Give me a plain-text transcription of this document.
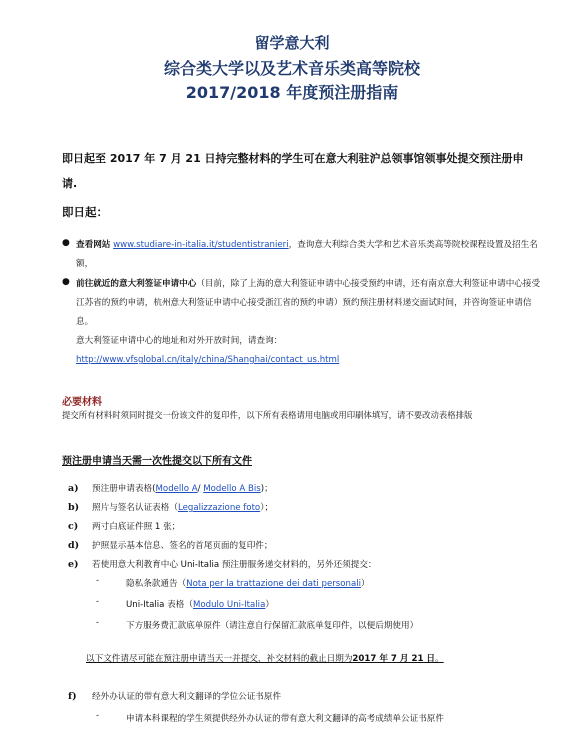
留学意大利
综合类大学以及艺术音乐类高等院校
2017/2018 年度预注册指南
即日起至 2017 年 7 月 21 日持完整材料的学生可在意大利驻沪总领事馆领事处提交预注册申请.
即日起：
● 查看网站 www.studiare-in-italia.it/studentistranieri，查询意大利综合类大学和艺术音乐类高等院校课程设置及招生名额，
● 前往就近的意大利签证申请中心（目前，除了上海的意大利签证申请中心接受预约申请，还有南京意大利签证申请中心接受江苏省的预约申请，杭州意大利签证申请中心接受浙江省的预约申请）预约预注册材料递交面试时间，并咨询签证申请信息。
意大利签证申请中心的地址和对外开放时间，请查询：
http://www.vfsglobal.cn/italy/china/Shanghai/contact_us.html
必要材料
提交所有材料时须同时提交一份该文件的复印件，以下所有表格请用电脑或用印刷体填写，请不要改动表格排版
预注册申请当天需一次性提交以下所有文件
a) 预注册申请表格(Modello A/ Modello A Bis)；
b) 照片与签名认证表格（Legalizzazione foto）；
c) 两寸白底证件照 1 张；
d) 护照显示基本信息、签名的首尾页面的复印件；
e) 若使用意大利教育中心 Uni-Italia 预注册服务递交材料的，另外还须提交：
-	隐私条款通告（Nota per la trattazione dei dati personali）
-	Uni-Italia 表格（Modulo Uni-Italia）
-	下方服务费汇款底单原件（请注意自行保留汇款底单复印件，以便后期使用）
以下文件请尽可能在预注册申请当天一并提交，补交材料的截止日期为2017 年 7 月 21 日。
f) 经外办认证的带有意大利文翻译的学位公证书原件
-	申请本科课程的学生须提供经外办认证的带有意大利文翻译的高考成绩单公证书原件
